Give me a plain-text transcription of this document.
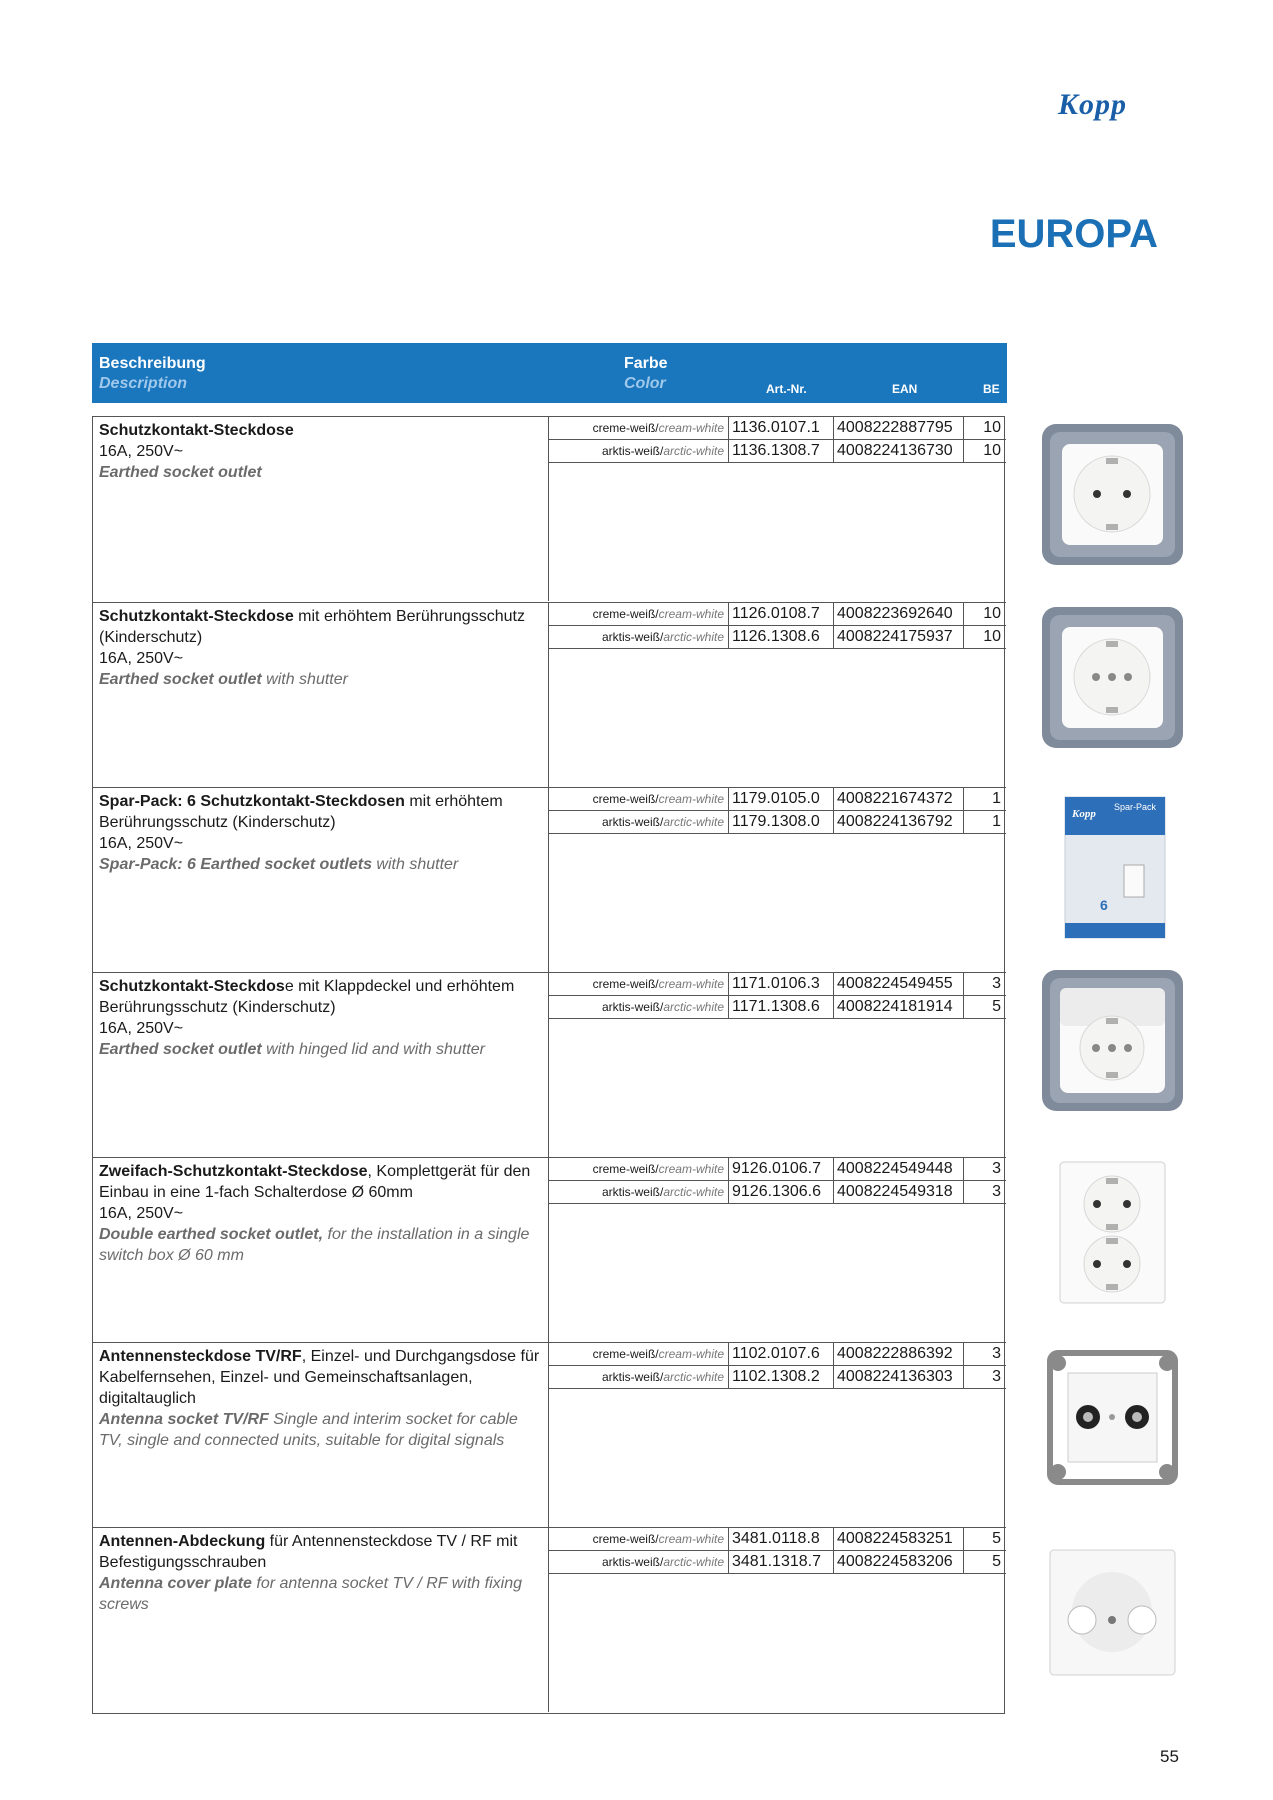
Kopp
EUROPA
Beschreibung
Description
Farbe
Color	Art.-Nr.	EAN	BE
Schutzkontakt-Steckdose
16A, 250V~
Earthed socket outlet
creme-weiß/cream-white 1136.0107.1	4008222887795	10
arktis-weiß/arctic-white 1136.1308.7	4008224136730	10
Schutzkontakt-Steckdose mit erhöhtem Berührungsschutz (Kinderschutz)
16A, 250V~
Earthed socket outlet with shutter
creme-weiß/cream-white 1126.0108.7	4008223692640	10
arktis-weiß/arctic-white 1126.1308.6	4008224175937	10
Spar-Pack: 6 Schutzkontakt-Steckdosen mit erhöhtem Berührungsschutz (Kinderschutz)
16A, 250V~
Spar-Pack: 6 Earthed socket outlets with shutter
creme-weiß/cream-white 1179.0105.0	4008221674372	1
arktis-weiß/arctic-white 1179.1308.0	4008224136792	1
Schutzkontakt-Steckdose mit Klappdeckel und erhöhtem Berührungsschutz (Kinderschutz)
16A, 250V~
Earthed socket outlet with hinged lid and with shutter
creme-weiß/cream-white 1171.0106.3	4008224549455	3
arktis-weiß/arctic-white 1171.1308.6	4008224181914	5
Zweifach-Schutzkontakt-Steckdose, Komplettgerät für den Einbau in eine 1-fach Schalterdose Ø 60mm
16A, 250V~
Double earthed socket outlet, for the installation in a single switch box Ø 60 mm
creme-weiß/cream-white 9126.0106.7	4008224549448	3
arktis-weiß/arctic-white 9126.1306.6	4008224549318	3
Antennensteckdose TV/RF, Einzel- und Durchgangsdose für Kabelfernsehen, Einzel- und Gemeinschaftsanlagen, digitaltauglich
Antenna socket TV/RF Single and interim socket for cable TV, single and connected units, suitable for digital signals
creme-weiß/cream-white 1102.0107.6	4008222886392	3
arktis-weiß/arctic-white 1102.1308.2	4008224136303	3
Antennen-Abdeckung für Antennensteckdose TV / RF mit Befestigungsschrauben
Antenna cover plate for antenna socket TV / RF with fixing screws
creme-weiß/cream-white 3481.0118.8	4008224583251	5
arktis-weiß/arctic-white 3481.1318.7	4008224583206	5
Kopp
Spar-Pack
6
55
